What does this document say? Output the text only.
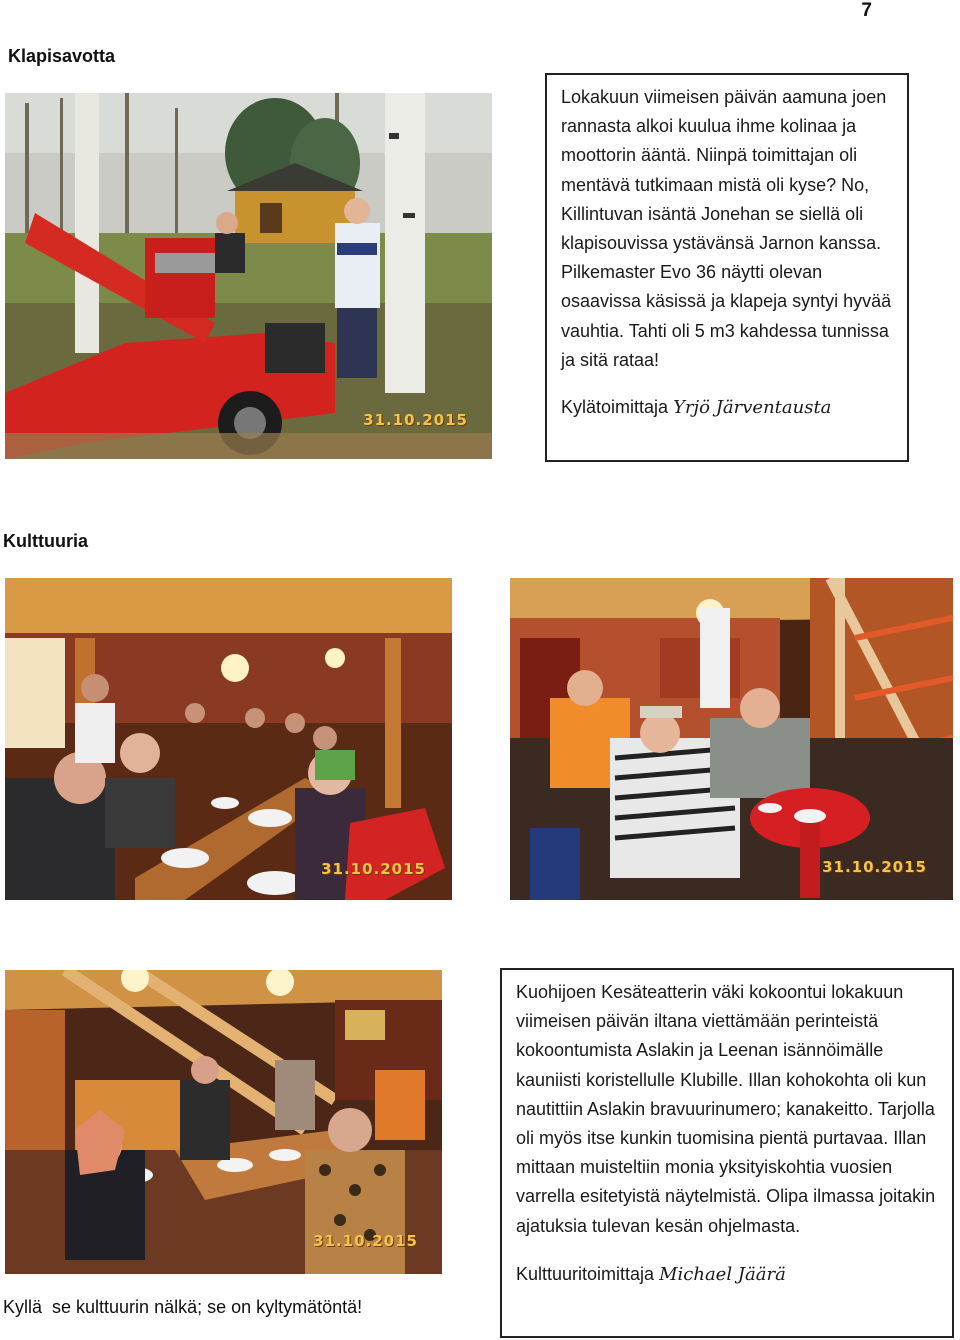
7
Klapisavotta
31.10.2015

Lokakuun viimeisen päivän aamuna joen rannasta alkoi kuulua ihme kolinaa ja moottorin ääntä. Niinpä toimittajan oli mentävä tutkimaan mistä oli kyse? No, Killintuvan isäntä Jonehan se siellä oli klapisouvissa ystävänsä Jarnon kanssa. Pilkemaster Evo 36 näytti olevan osaavissa käsissä ja klapeja syntyi hyvää vauhtia. Tahti oli 5 m3 kahdessa tunnissa ja sitä rataa!

Kylätoimittaja Yrjö Järventausta

Kulttuuria
31.10.2015	31.10.2015
31.10.2015

Kuohijoen Kesäteatterin väki kokoontui lokakuun viimeisen päivän iltana viettämään perinteistä kokoontumista Aslakin ja Leenan isännöimälle kauniisti koristellulle Klubille. Illan kohokohta oli kun nautittiin Aslakin bravuurinumero; kanakeitto. Tarjolla oli myös itse kunkin tuomisina pientä purtavaa. Illan mittaan muisteltiin monia yksityiskohtia vuosien varrella esitetyistä näytelmistä. Olipa ilmassa joitakin ajatuksia tulevan kesän ohjelmasta.

Kulttuuritoimittaja Michael Jäärä

Kyllä  se kulttuurin nälkä; se on kyltymätöntä!
